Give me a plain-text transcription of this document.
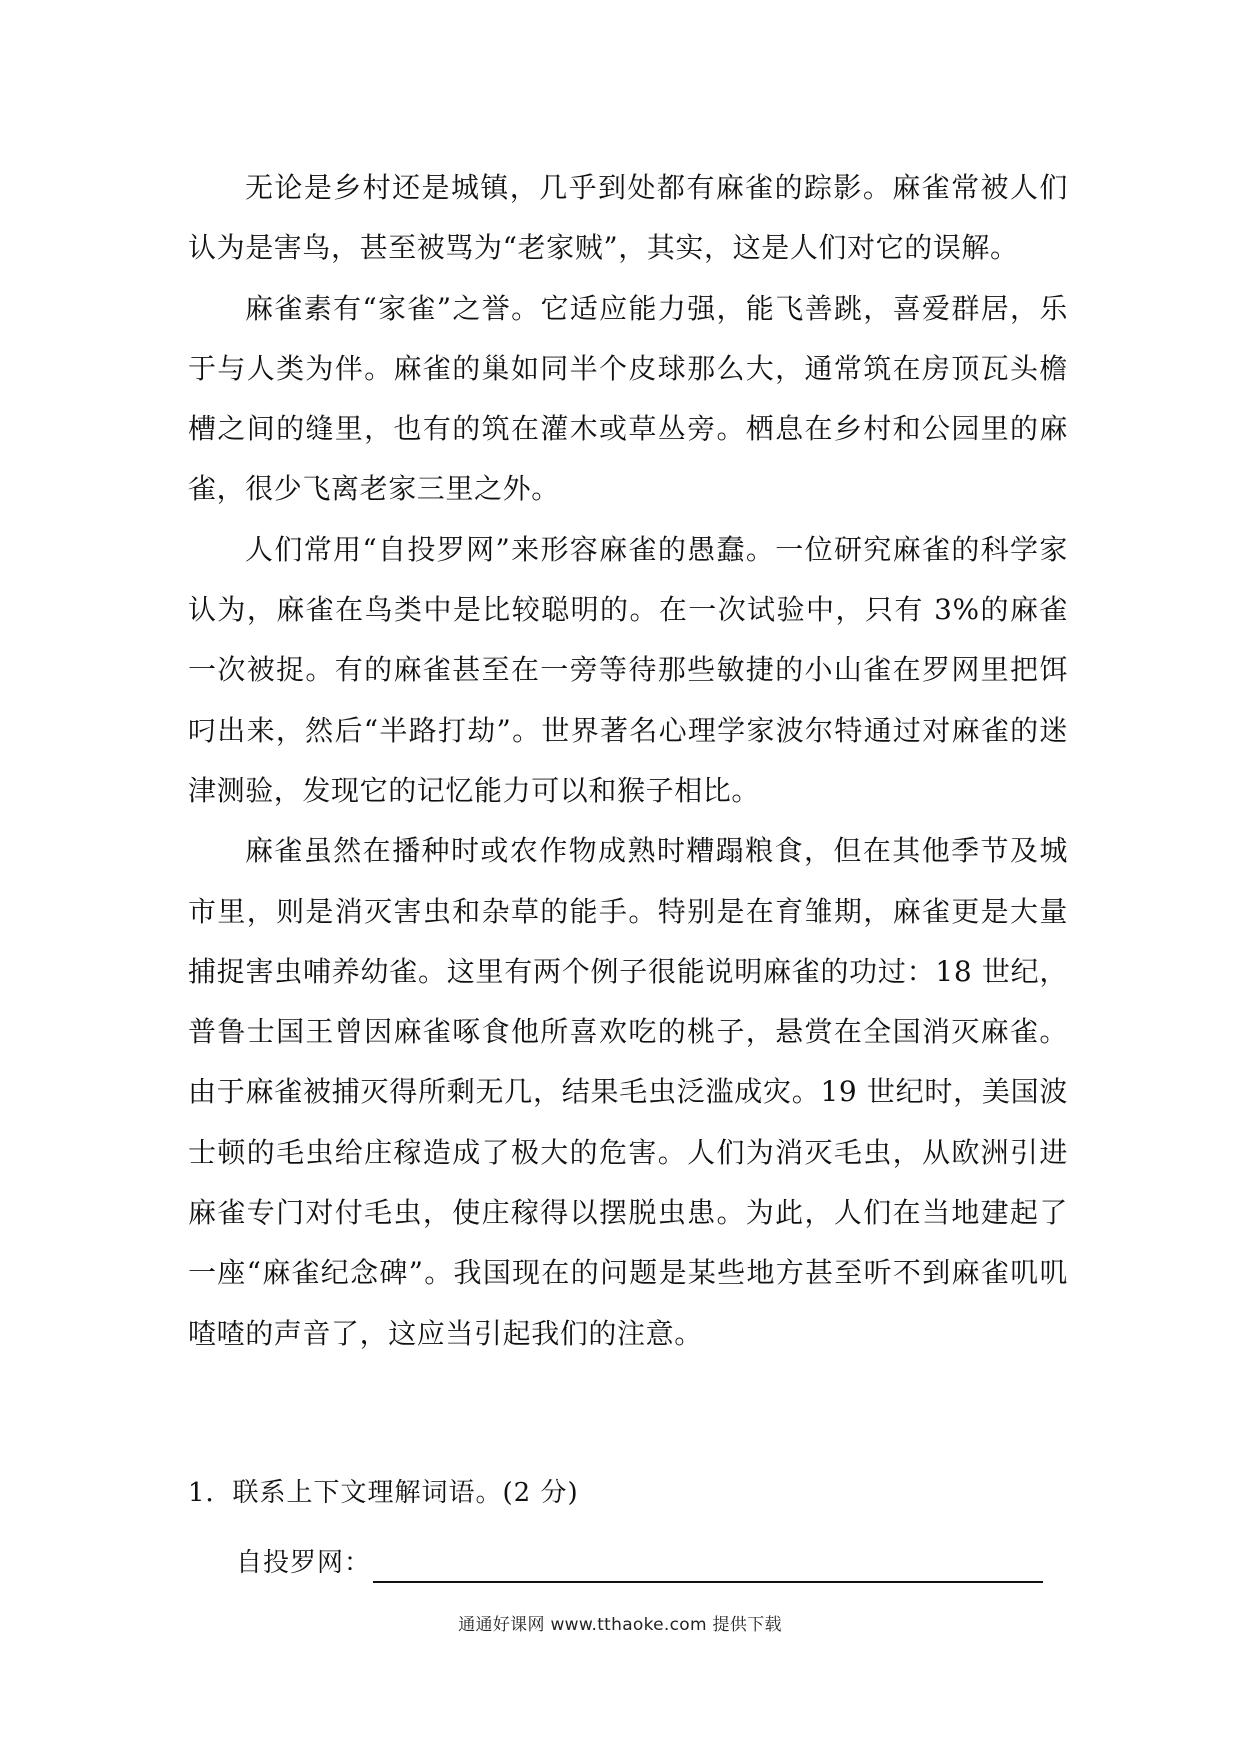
无论是乡村还是城镇，几乎到处都有麻雀的踪影。麻雀常被人们认为是害鸟，甚至被骂为“老家贼”，其实，这是人们对它的误解。

麻雀素有“家雀”之誉。它适应能力强，能飞善跳，喜爱群居，乐于与人类为伴。麻雀的巢如同半个皮球那么大，通常筑在房顶瓦头檐槽之间的缝里，也有的筑在灌木或草丛旁。栖息在乡村和公园里的麻雀，很少飞离老家三里之外。

人们常用“自投罗网”来形容麻雀的愚蠢。一位研究麻雀的科学家认为，麻雀在鸟类中是比较聪明的。在一次试验中，只有 3%的麻雀一次被捉。有的麻雀甚至在一旁等待那些敏捷的小山雀在罗网里把饵叼出来，然后“半路打劫”。世界著名心理学家波尔特通过对麻雀的迷津测验，发现它的记忆能力可以和猴子相比。

麻雀虽然在播种时或农作物成熟时糟蹋粮食，但在其他季节及城市里，则是消灭害虫和杂草的能手。特别是在育雏期，麻雀更是大量捕捉害虫哺养幼雀。这里有两个例子很能说明麻雀的功过：18 世纪，普鲁士国王曾因麻雀啄食他所喜欢吃的桃子，悬赏在全国消灭麻雀。由于麻雀被捕灭得所剩无几，结果毛虫泛滥成灾。19 世纪时，美国波士顿的毛虫给庄稼造成了极大的危害。人们为消灭毛虫，从欧洲引进麻雀专门对付毛虫，使庄稼得以摆脱虫患。为此，人们在当地建起了一座“麻雀纪念碑”。我国现在的问题是某些地方甚至听不到麻雀叽叽喳喳的声音了，这应当引起我们的注意。

1．联系上下文理解词语。(2 分)

自投罗网：
通通好课网 www.tthaoke.com 提供下载
